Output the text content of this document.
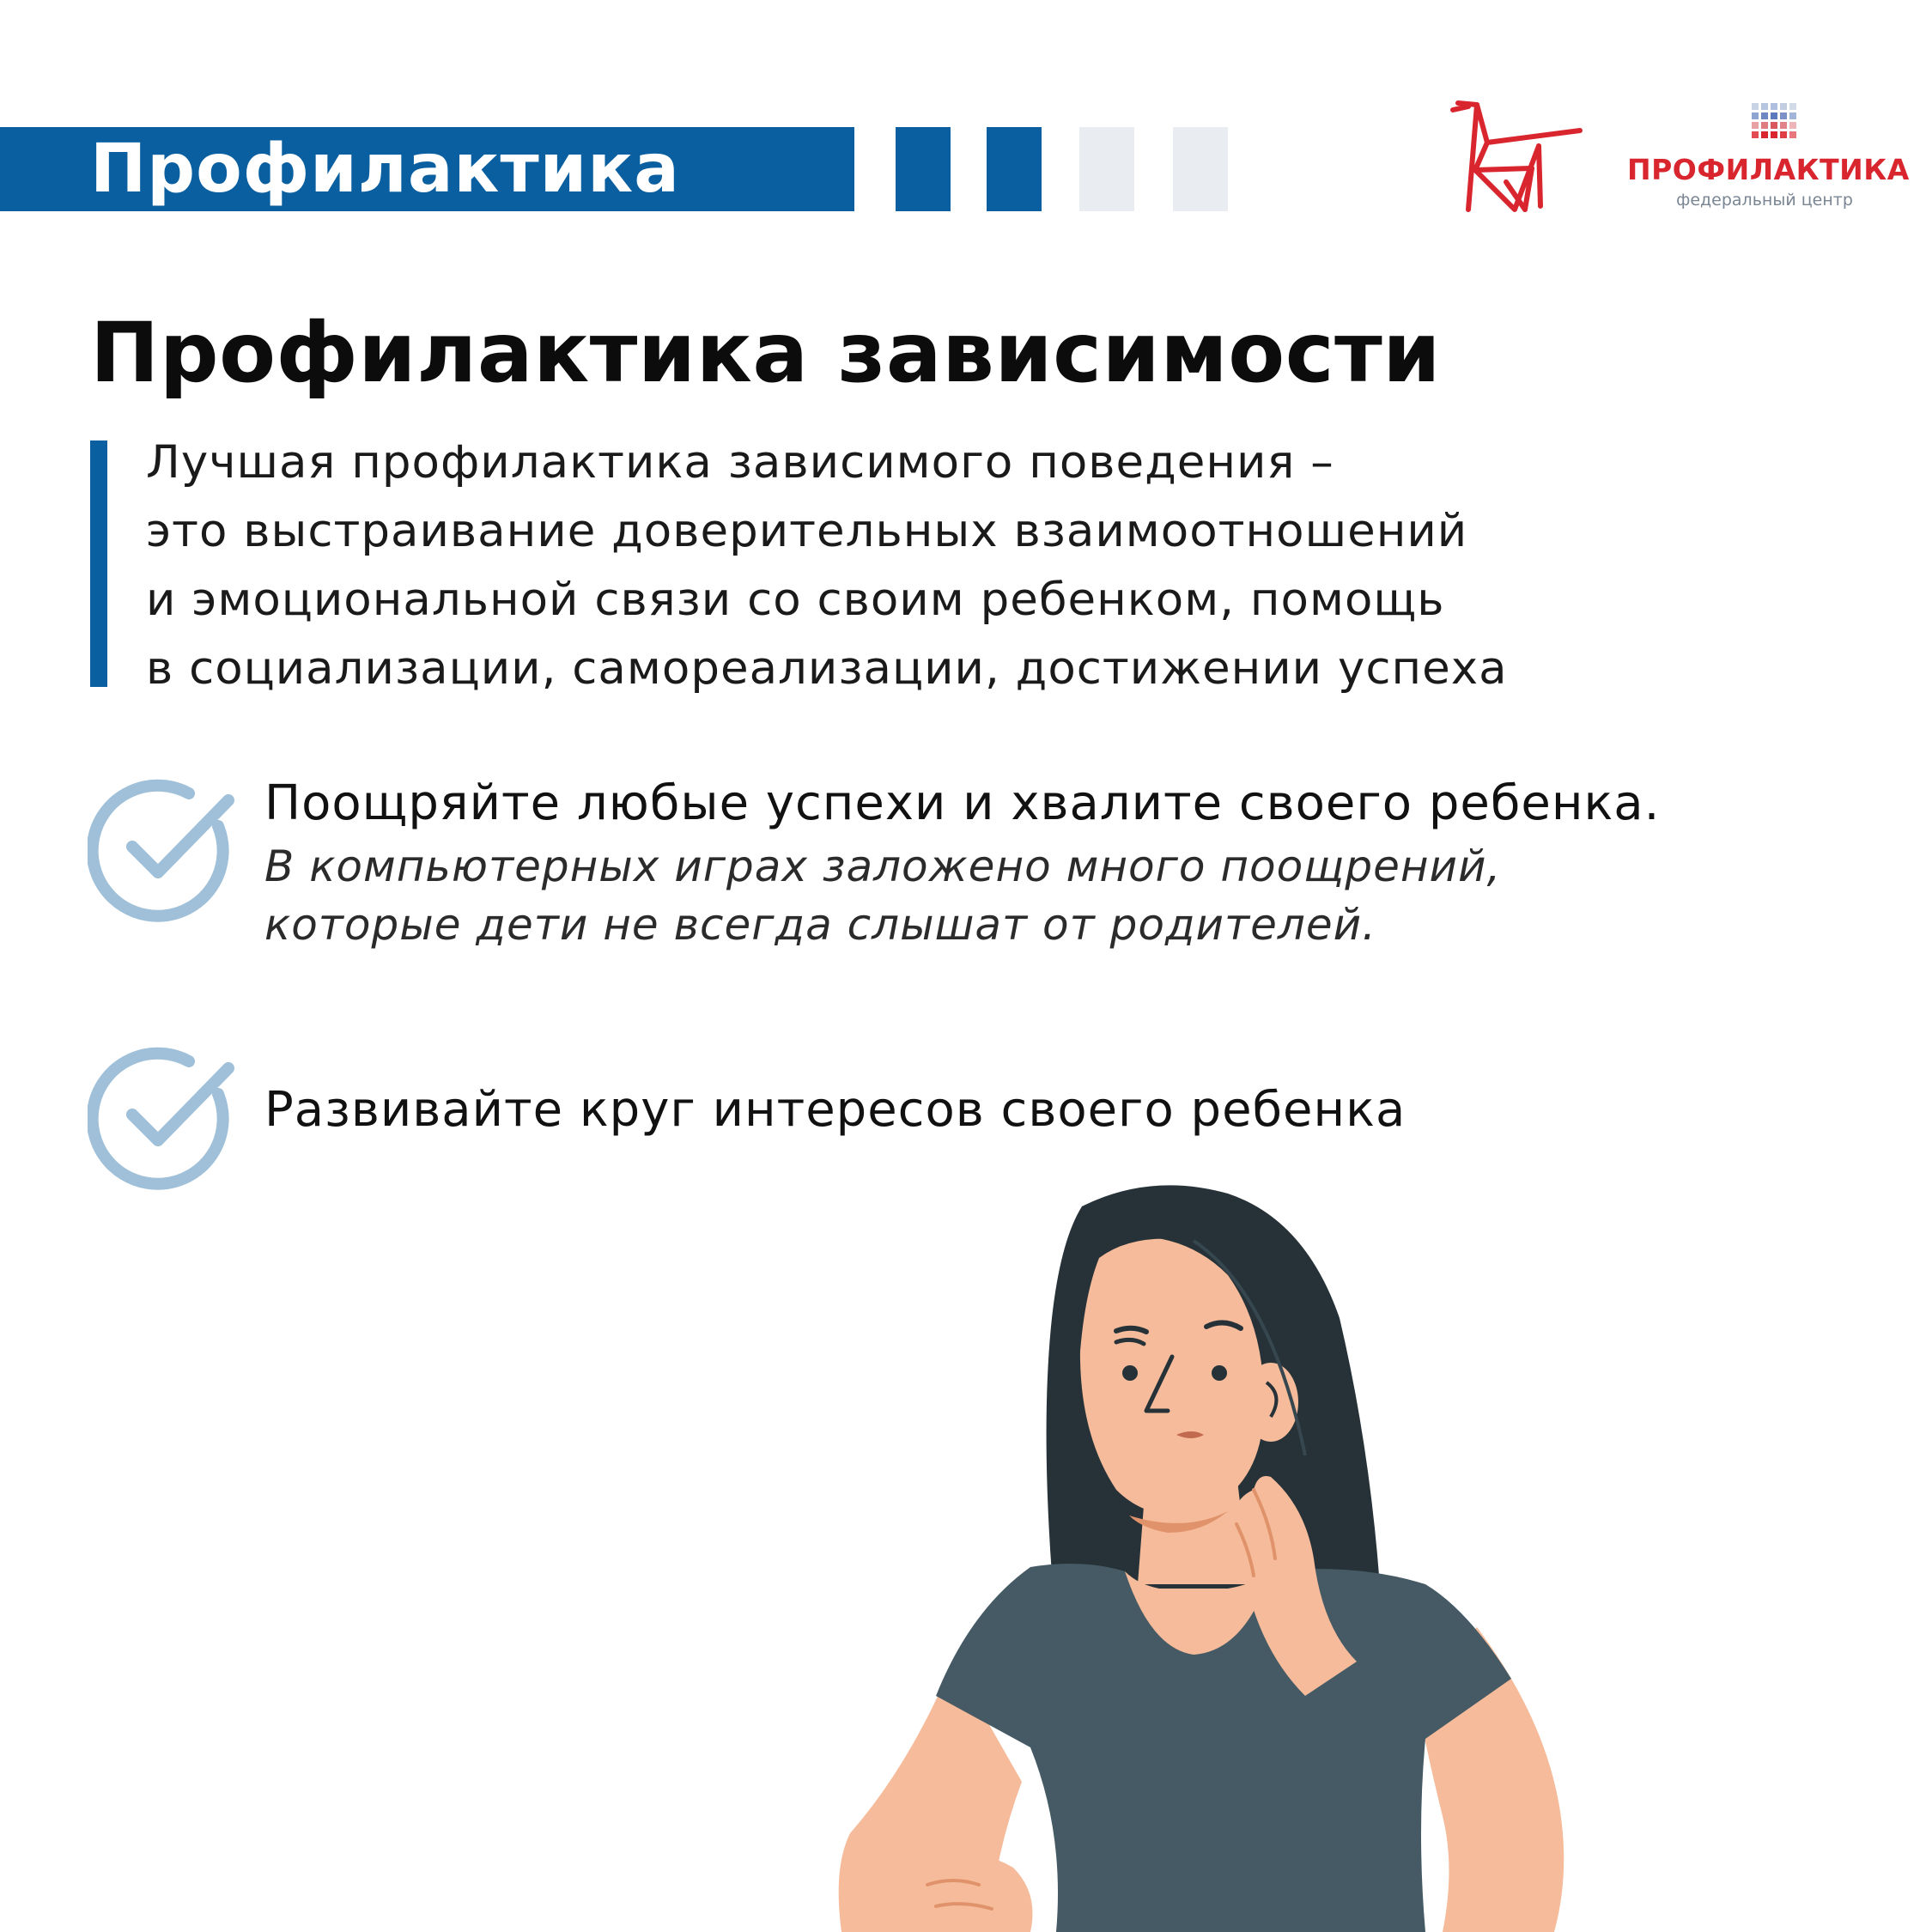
Профилактика	ПРОФИЛАКТИКА
федеральный центр
Профилактика зависимости
Лучшая профилактика зависимого поведения –
это выстраивание доверительных взаимоотношений
и эмоциональной связи со своим ребенком, помощь
в социализации, самореализации, достижении успеха
Поощряйте любые успехи и хвалите своего ребенка.
В компьютерных играх заложено много поощрений,
которые дети не всегда слышат от родителей.
Развивайте круг интересов своего ребенка
